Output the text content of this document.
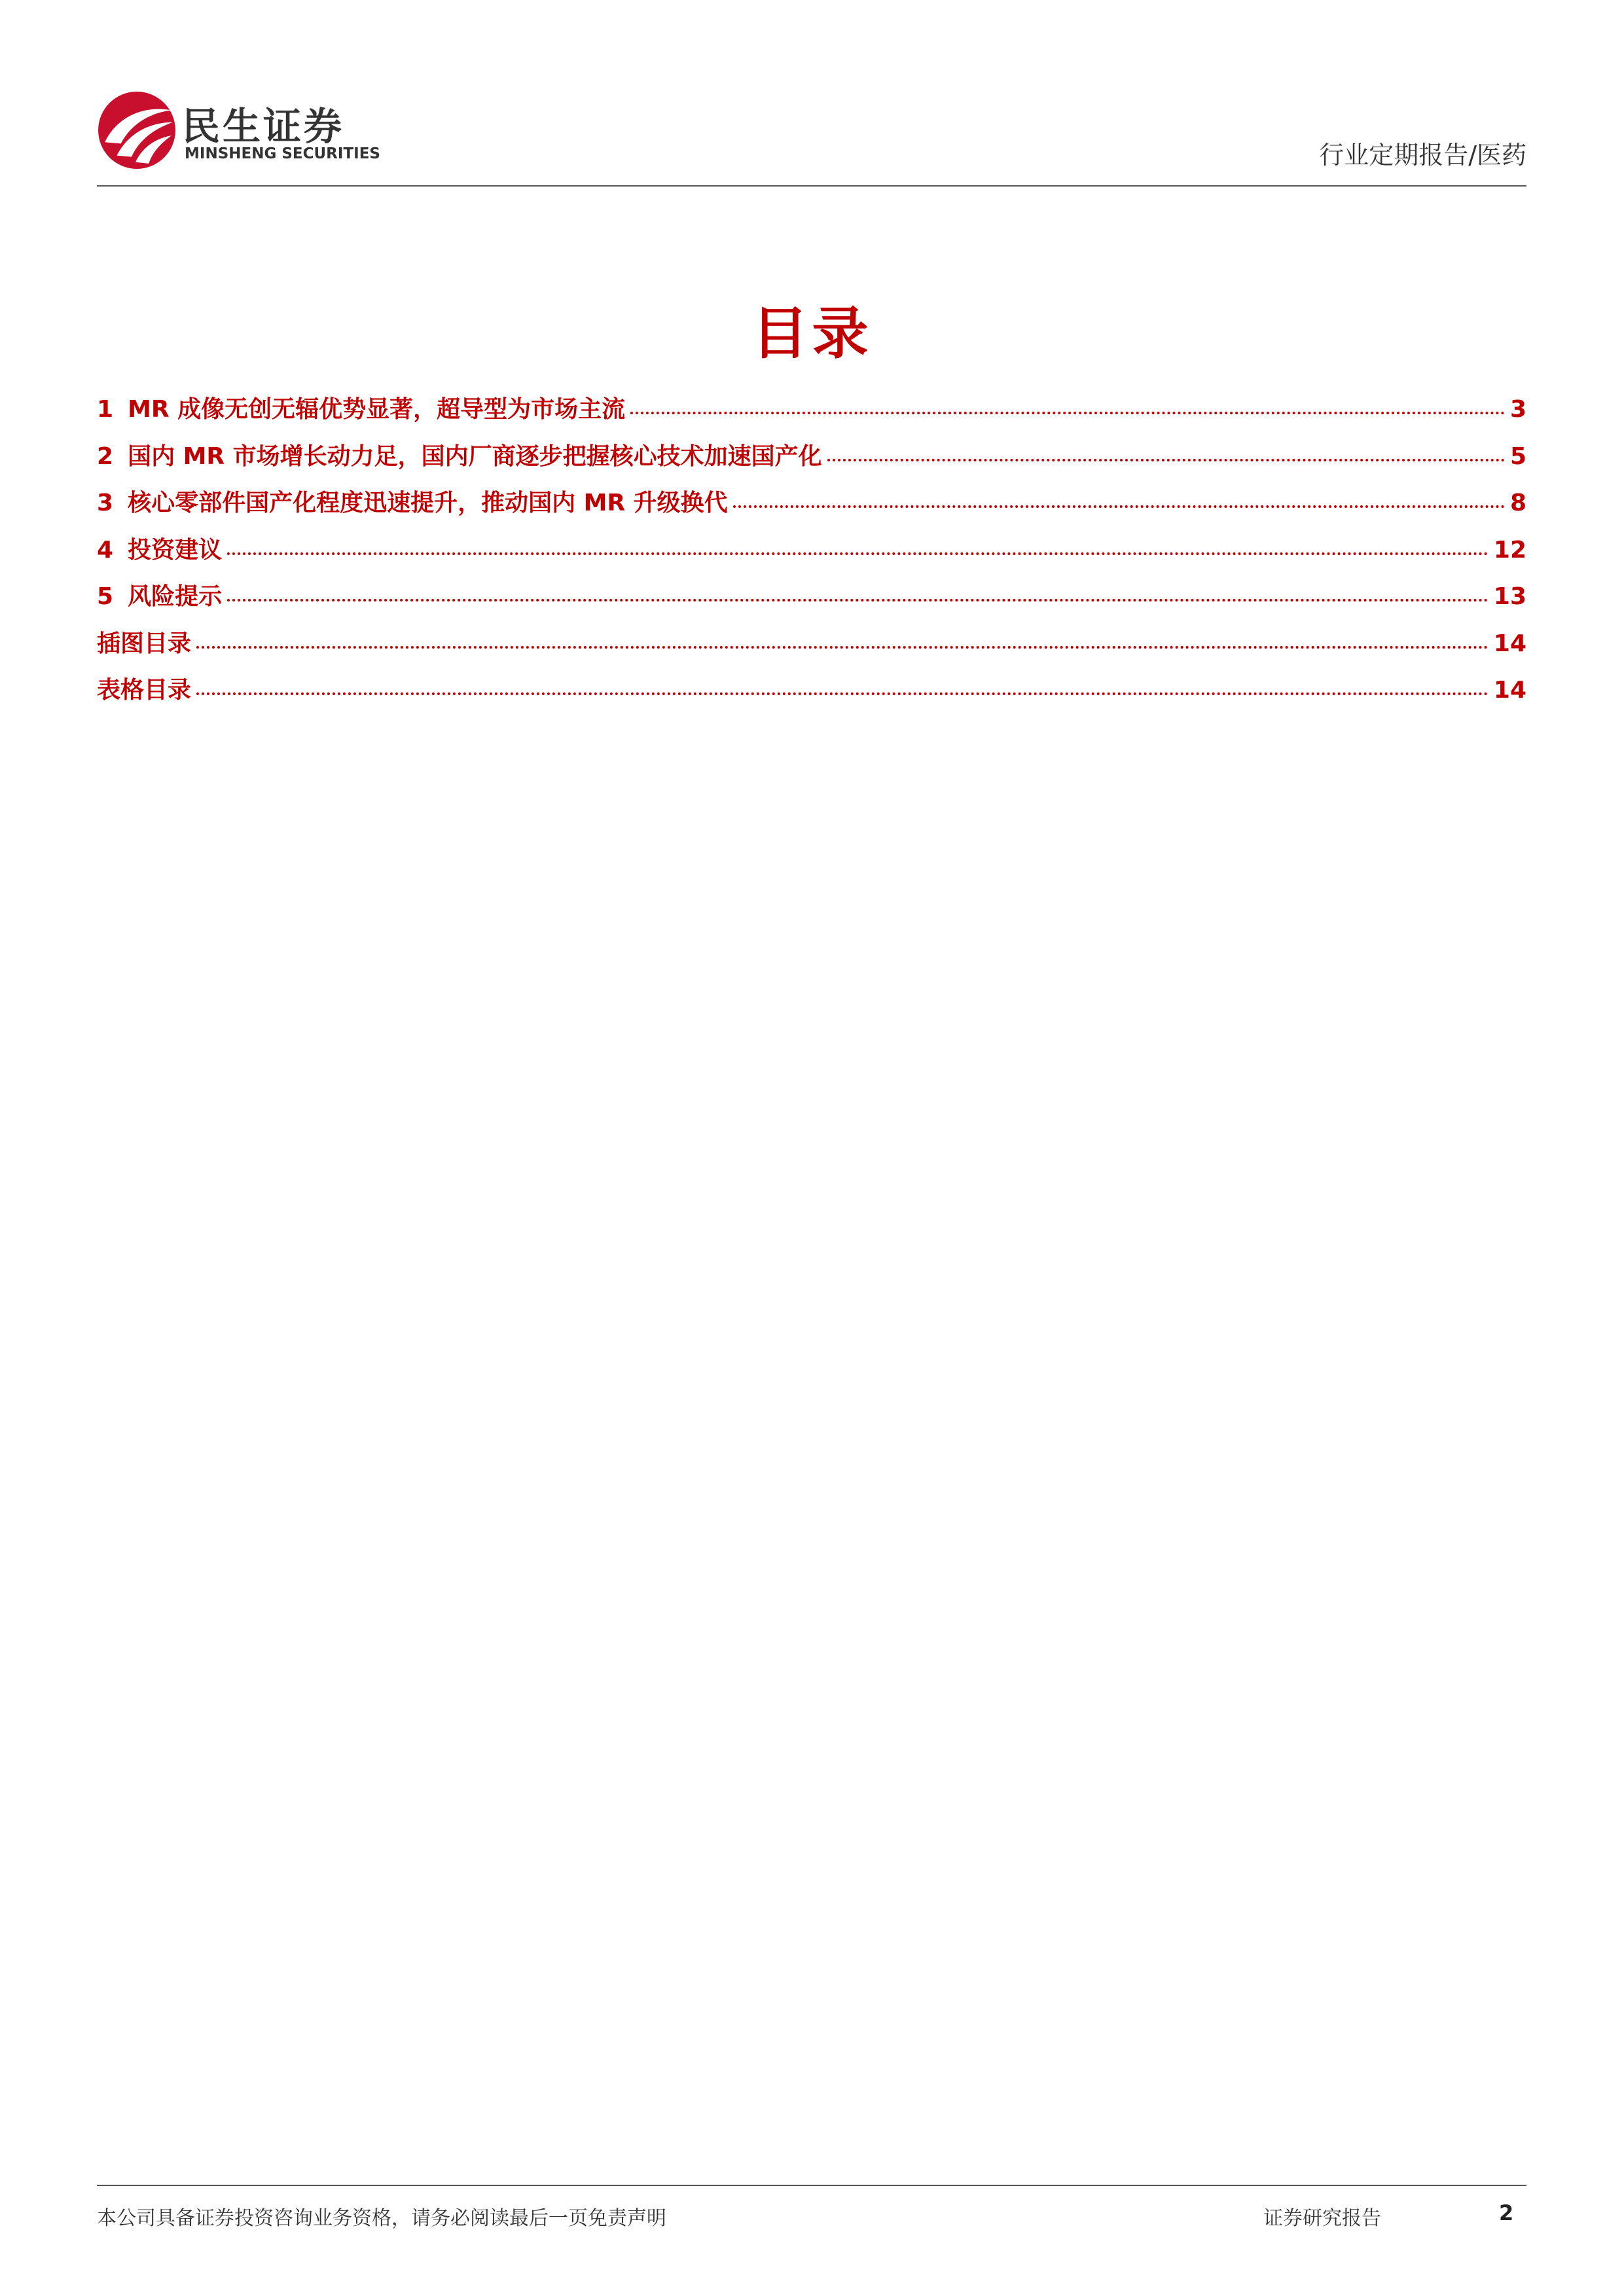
民生证券
MINSHENG SECURITIES	行业定期报告/医药
目录
1 MR 成像无创无辐优势显著，超导型为市场主流	3
2 国内 MR 市场增长动力足，国内厂商逐步把握核心技术加速国产化	5
3 核心零部件国产化程度迅速提升，推动国内 MR 升级换代	8
4 投资建议	12
5 风险提示	13
插图目录	14
表格目录	14
本公司具备证券投资咨询业务资格，请务必阅读最后一页免责声明	证券研究报告	2
